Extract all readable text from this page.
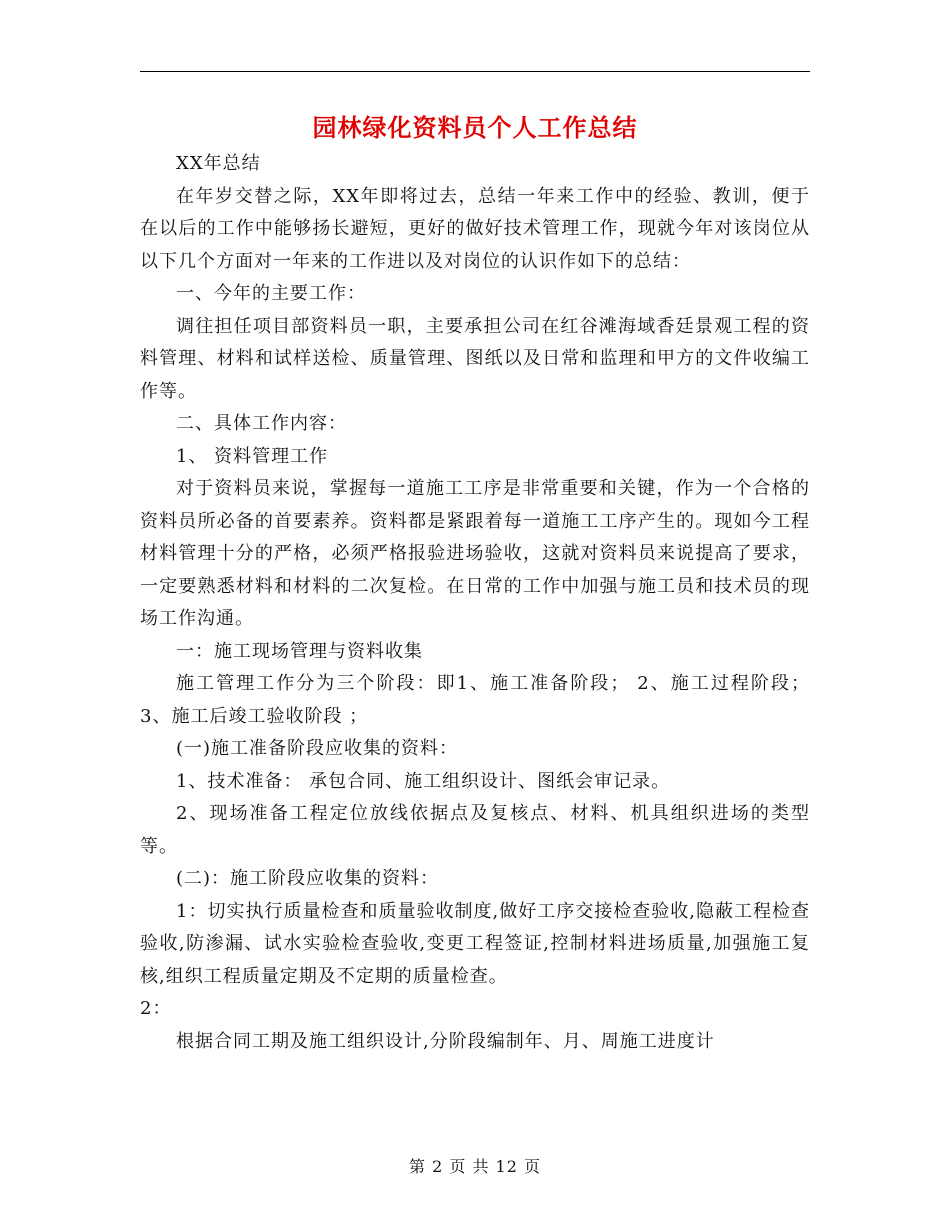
园林绿化资料员个人工作总结

XX年总结

在年岁交替之际，XX年即将过去，总结一年来工作中的经验、教训，便于在以后的工作中能够扬长避短，更好的做好技术管理工作，现就今年对该岗位从以下几个方面对一年来的工作进以及对岗位的认识作如下的总结：

一、今年的主要工作：

调往担任项目部资料员一职，主要承担公司在红谷滩海域香廷景观工程的资料管理、材料和试样送检、质量管理、图纸以及日常和监理和甲方的文件收编工作等。

二、具体工作内容：

1、 资料管理工作

对于资料员来说，掌握每一道施工工序是非常重要和关键，作为一个合格的资料员所必备的首要素养。资料都是紧跟着每一道施工工序产生的。现如今工程材料管理十分的严格，必须严格报验进场验收，这就对资料员来说提高了要求，一定要熟悉材料和材料的二次复检。在日常的工作中加强与施工员和技术员的现场工作沟通。

一：施工现场管理与资料收集

施工管理工作分为三个阶段：即1、施工准备阶段； 2、施工过程阶段； 3、施工后竣工验收阶段 ；

(一)施工准备阶段应收集的资料：

1、技术准备： 承包合同、施工组织设计、图纸会审记录。

2、现场准备工程定位放线依据点及复核点、材料、机具组织进场的类型等。

(二)：施工阶段应收集的资料：

1：切实执行质量检查和质量验收制度,做好工序交接检查验收,隐蔽工程检查验收,防渗漏、试水实验检查验收,变更工程签证,控制材料进场质量,加强施工复核,组织工程质量定期及不定期的质量检查。

2：

根据合同工期及施工组织设计,分阶段编制年、月、周施工进度计

第 2 页 共 12 页
